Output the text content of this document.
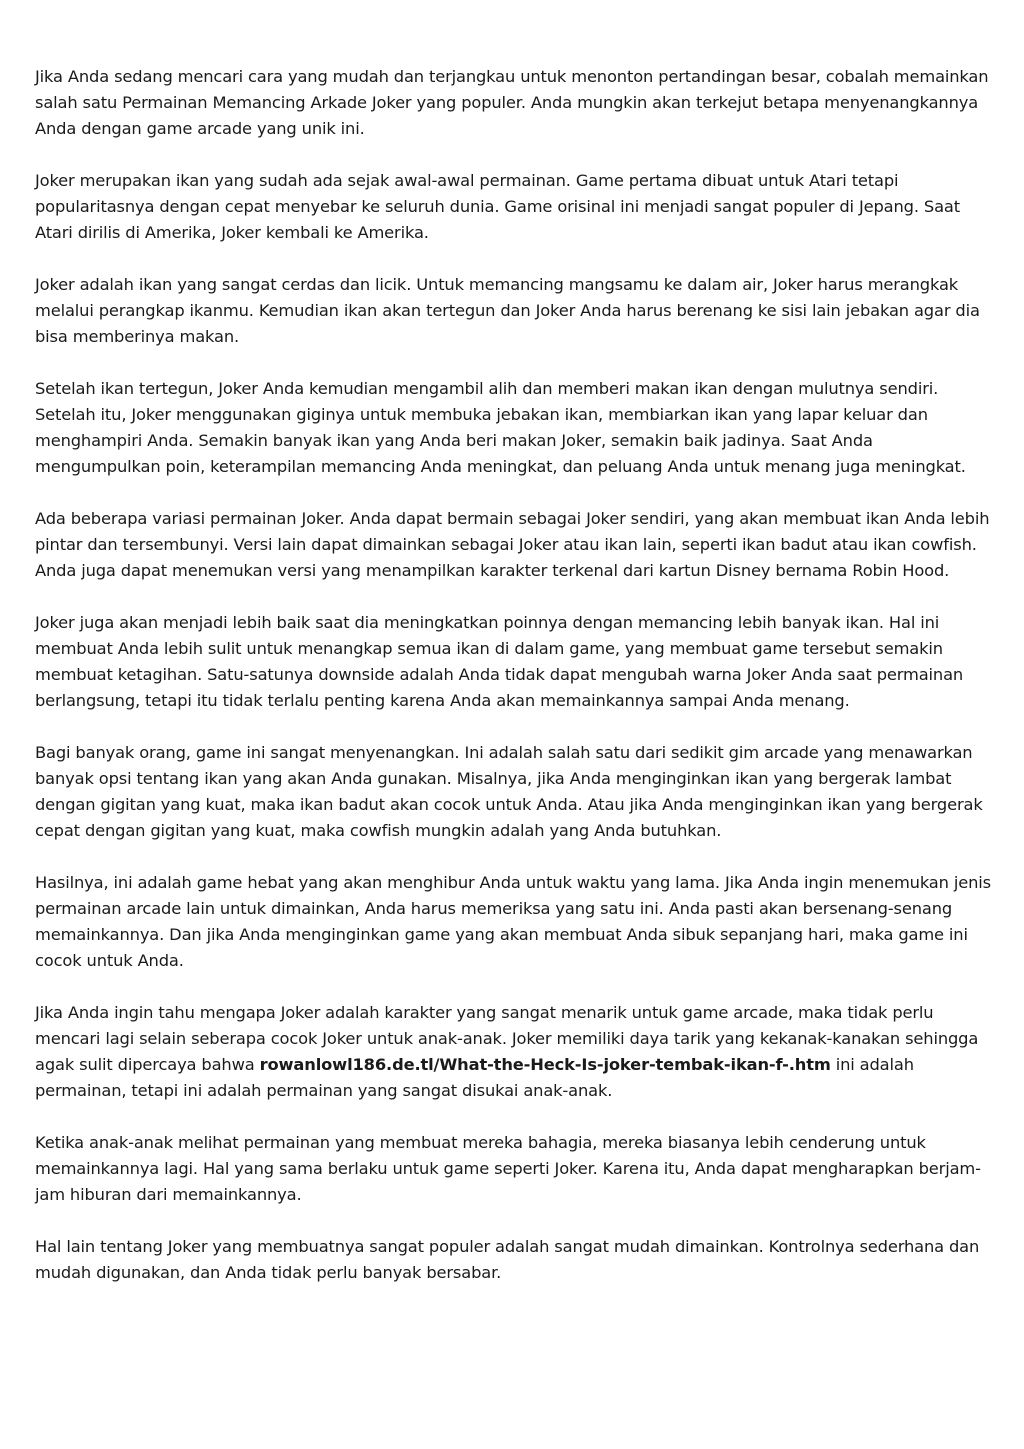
Jika Anda sedang mencari cara yang mudah dan terjangkau untuk menonton pertandingan besar, cobalah memainkan salah satu Permainan Memancing Arkade Joker yang populer. Anda mungkin akan terkejut betapa menyenangkannya Anda dengan game arcade yang unik ini.

Joker merupakan ikan yang sudah ada sejak awal-awal permainan. Game pertama dibuat untuk Atari tetapi popularitasnya dengan cepat menyebar ke seluruh dunia. Game orisinal ini menjadi sangat populer di Jepang. Saat Atari dirilis di Amerika, Joker kembali ke Amerika.

Joker adalah ikan yang sangat cerdas dan licik. Untuk memancing mangsamu ke dalam air, Joker harus merangkak melalui perangkap ikanmu. Kemudian ikan akan tertegun dan Joker Anda harus berenang ke sisi lain jebakan agar dia bisa memberinya makan.

Setelah ikan tertegun, Joker Anda kemudian mengambil alih dan memberi makan ikan dengan mulutnya sendiri. Setelah itu, Joker menggunakan giginya untuk membuka jebakan ikan, membiarkan ikan yang lapar keluar dan menghampiri Anda. Semakin banyak ikan yang Anda beri makan Joker, semakin baik jadinya. Saat Anda mengumpulkan poin, keterampilan memancing Anda meningkat, dan peluang Anda untuk menang juga meningkat.

Ada beberapa variasi permainan Joker. Anda dapat bermain sebagai Joker sendiri, yang akan membuat ikan Anda lebih pintar dan tersembunyi. Versi lain dapat dimainkan sebagai Joker atau ikan lain, seperti ikan badut atau ikan cowfish. Anda juga dapat menemukan versi yang menampilkan karakter terkenal dari kartun Disney bernama Robin Hood.

Joker juga akan menjadi lebih baik saat dia meningkatkan poinnya dengan memancing lebih banyak ikan. Hal ini membuat Anda lebih sulit untuk menangkap semua ikan di dalam game, yang membuat game tersebut semakin membuat ketagihan. Satu-satunya downside adalah Anda tidak dapat mengubah warna Joker Anda saat permainan berlangsung, tetapi itu tidak terlalu penting karena Anda akan memainkannya sampai Anda menang.

Bagi banyak orang, game ini sangat menyenangkan. Ini adalah salah satu dari sedikit gim arcade yang menawarkan banyak opsi tentang ikan yang akan Anda gunakan. Misalnya, jika Anda menginginkan ikan yang bergerak lambat dengan gigitan yang kuat, maka ikan badut akan cocok untuk Anda. Atau jika Anda menginginkan ikan yang bergerak cepat dengan gigitan yang kuat, maka cowfish mungkin adalah yang Anda butuhkan.

Hasilnya, ini adalah game hebat yang akan menghibur Anda untuk waktu yang lama. Jika Anda ingin menemukan jenis permainan arcade lain untuk dimainkan, Anda harus memeriksa yang satu ini. Anda pasti akan bersenang-senang memainkannya. Dan jika Anda menginginkan game yang akan membuat Anda sibuk sepanjang hari, maka game ini cocok untuk Anda.

Jika Anda ingin tahu mengapa Joker adalah karakter yang sangat menarik untuk game arcade, maka tidak perlu mencari lagi selain seberapa cocok Joker untuk anak-anak. Joker memiliki daya tarik yang kekanak-kanakan sehingga agak sulit dipercaya bahwa rowanlowl186.de.tl/What-the-Heck-Is-joker-tembak-ikan-f-.htm ini adalah permainan, tetapi ini adalah permainan yang sangat disukai anak-anak.

Ketika anak-anak melihat permainan yang membuat mereka bahagia, mereka biasanya lebih cenderung untuk memainkannya lagi. Hal yang sama berlaku untuk game seperti Joker. Karena itu, Anda dapat mengharapkan berjam-jam hiburan dari memainkannya.

Hal lain tentang Joker yang membuatnya sangat populer adalah sangat mudah dimainkan. Kontrolnya sederhana dan mudah digunakan, dan Anda tidak perlu banyak bersabar.
